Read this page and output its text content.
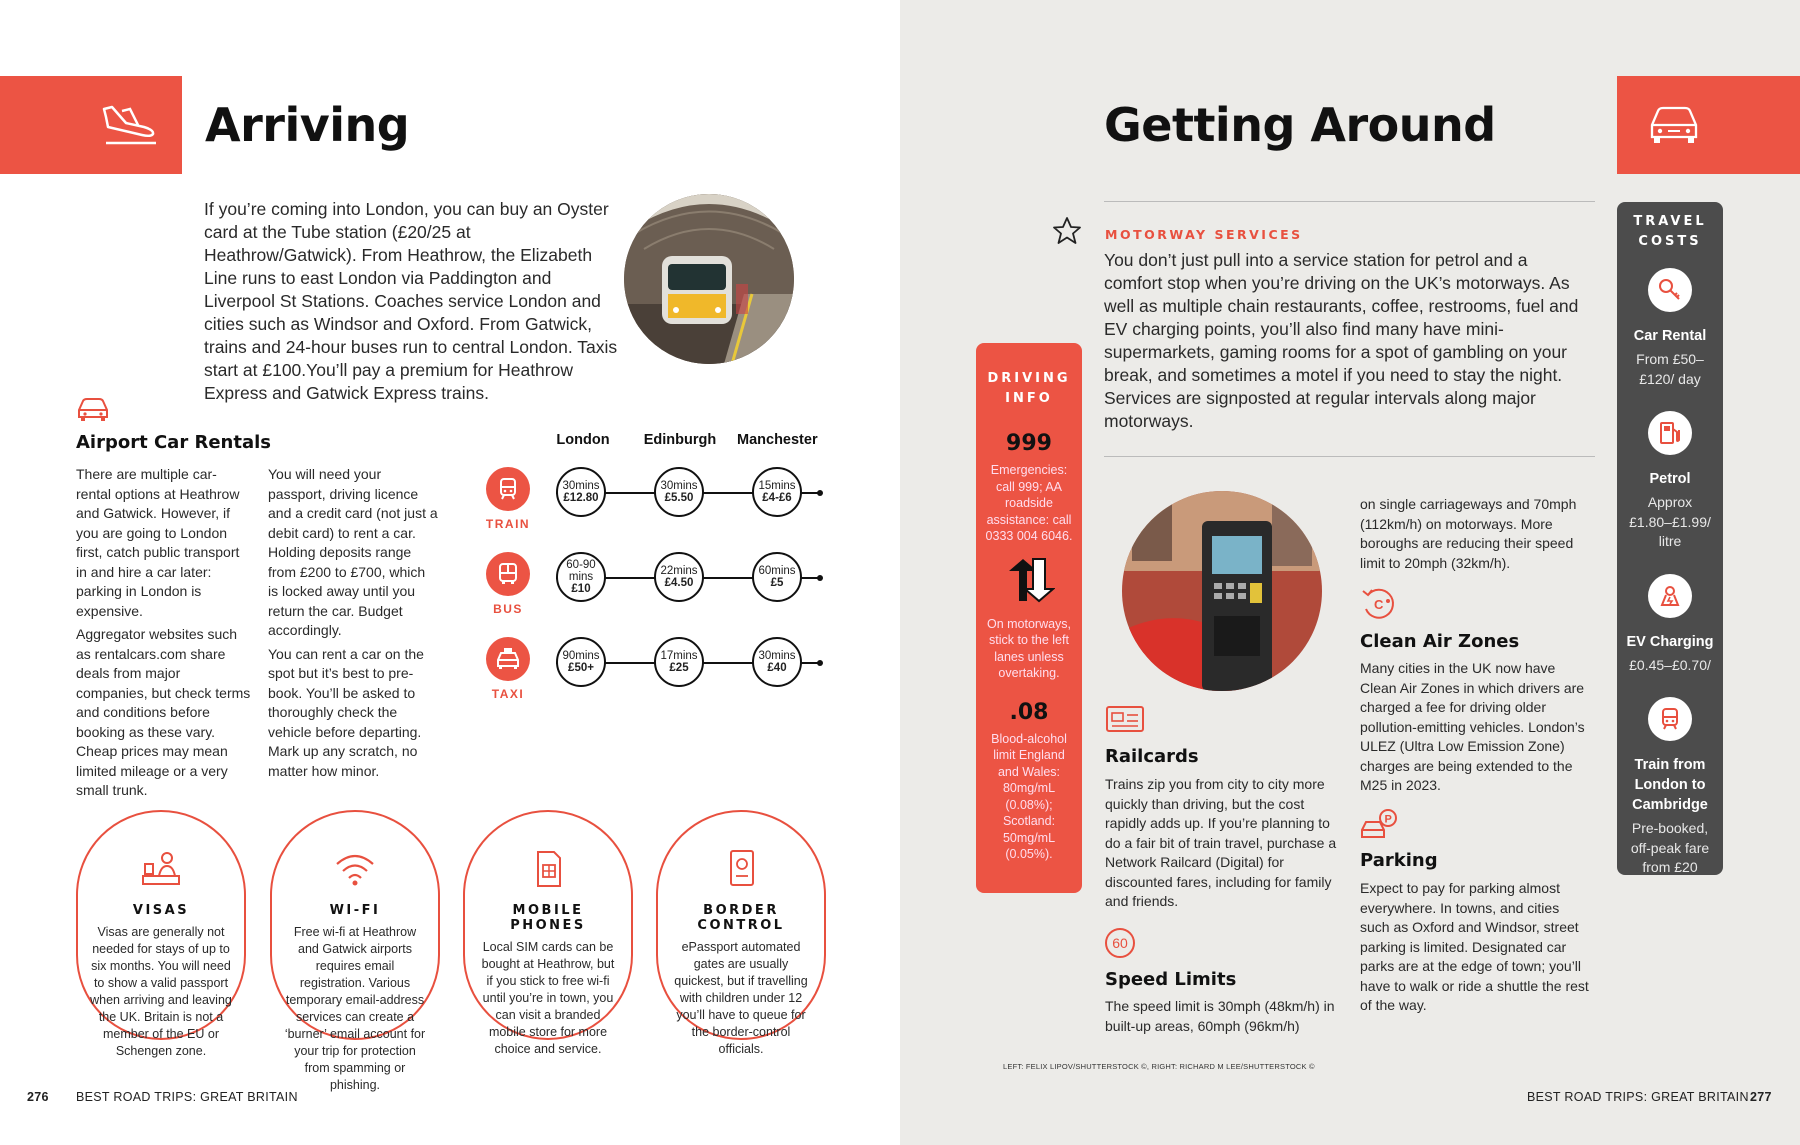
Arriving

If you’re coming into London, you can buy an Oyster card at the Tube station (£20/25 at Heathrow/Gatwick). From Heathrow, the Elizabeth Line runs to east London via Paddington and Liverpool St Stations. Coaches service London and cities such as Windsor and Oxford. From Gatwick, trains and 24-hour buses run to central London. Taxis start at £100.You’ll pay a premium for Heathrow Express and Gatwick Express trains.

Airport Car Rentals

There are multiple car-rental options at Heathrow and Gatwick. However, if you are going to London first, catch public transport in and hire a car later: parking in London is expensive.

Aggregator websites such as rentalcars.com share deals from major companies, but check terms and conditions before booking as these vary. Cheap prices may mean limited mileage or a very small trunk.

You will need your passport, driving licence and a credit card (not just a debit card) to rent a car. Holding deposits range from £200 to £700, which is locked away until you return the car. Budget accordingly.

You can rent a car on the spot but it’s best to pre-book. You’ll be asked to thoroughly check the vehicle before departing. Mark up any scratch, no matter how minor.

London	Edinburgh Manchester
TRAIN
30mins
£12.80
30mins
£5.50
15mins
£4-£6
BUS
60-90 mins
£10
22mins
£4.50
60mins
£5
TAXI
90mins
£50+
17mins
£25
30mins
£40
VISAS
Visas are generally not needed for stays of up to six months. You will need to show a valid passport when arriving and leaving the UK. Britain is not a member of the EU or Schengen zone.
WI-FI
Free wi-fi at Heathrow and Gatwick airports requires email registration. Various temporary email-address services can create a ‘burner’ email account for your trip for protection from spamming or phishing.
MOBILE PHONES
Local SIM cards can be bought at Heathrow, but if you stick to free wi-fi until you’re in town, you can visit a branded mobile store for more choice and service.
BORDER CONTROL
ePassport automated gates are usually quickest, but if travelling with children under 12 you’ll have to queue for the border-control officials.
276 BEST ROAD TRIPS: GREAT BRITAIN
Getting Around
MOTORWAY SERVICES

You don’t just pull into a service station for petrol and a comfort stop when you’re driving on the UK’s motorways. As well as multiple chain restaurants, coffee, restrooms, fuel and EV charging points, you’ll also find many have mini-supermarkets, gaming rooms for a spot of gambling on your break, and sometimes a motel if you need to stay the night. Services are signposted at regular intervals along major motorways.

DRIVING
INFO
999
Emergencies: call 999; AA roadside assistance: call 0333 004 6046.
On motorways, stick to the left lanes unless overtaking.
.08
Blood-alcohol limit England and Wales: 80mg/mL (0.08%); Scotland: 50mg/mL (0.05%).
Railcards

Trains zip you from city to city more quickly than driving, but the cost rapidly adds up. If you’re planning to do a fair bit of train travel, purchase a Network Railcard (Digital) for discounted fares, including for family and friends.

60
Speed Limits

The speed limit is 30mph (48km/h) in built-up areas, 60mph (96km/h)

on single carriageways and 70mph (112km/h) on motorways. More boroughs are reducing their speed limit to 20mph (32km/h).

C
Clean Air Zones

Many cities in the UK now have Clean Air Zones in which drivers are charged a fee for driving older pollution-emitting vehicles. London’s ULEZ (Ultra Low Emission Zone) charges are being extended to the M25 in 2023.

P
Parking

Expect to pay for parking almost everywhere. In towns, and cities such as Oxford and Windsor, street parking is limited. Designated car parks are at the edge of town; you’ll have to walk or ride a shuttle the rest of the way.

TRAVEL
COSTS
Car Rental
From £50–£120/ day
Petrol
Approx £1.80–£1.99/ litre
EV Charging
£0.45–£0.70/
Train from London to Cambridge
Pre-booked, off-peak fare from £20
LEFT: FELIX LIPOV/SHUTTERSTOCK ©, RIGHT: RICHARD M LEE/SHUTTERSTOCK ©
BEST ROAD TRIPS: GREAT BRITAIN 277
